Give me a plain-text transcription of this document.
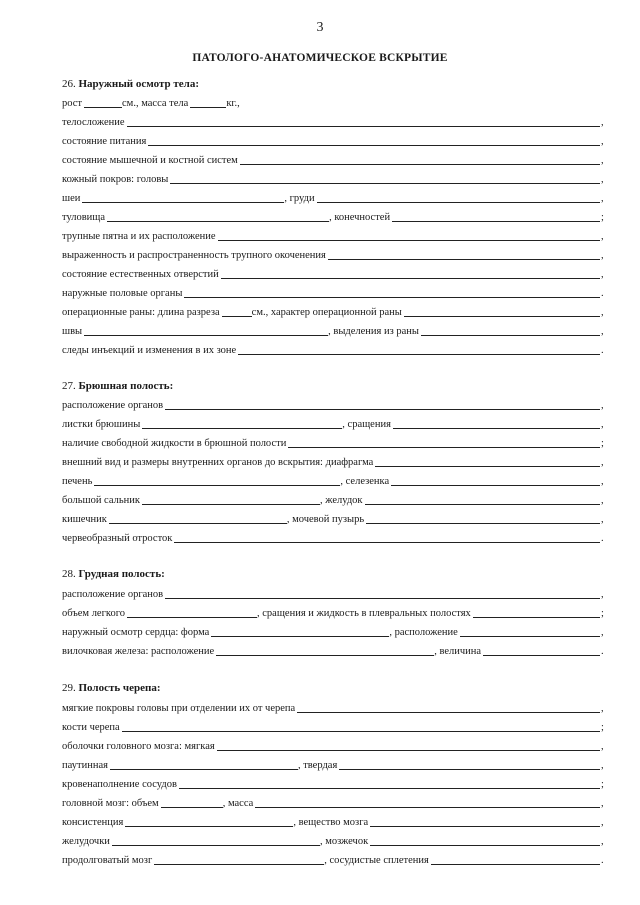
3
ПАТОЛОГО-АНАТОМИЧЕСКОЕ ВСКРЫТИЕ
26. Наружный осмотр тела:
рост	см., масса тела	кг.,
телосложение	,
состояние питания	,
состояние мышечной и костной систем	,
кожный покров: головы	,
шеи	, груди	,
туловища	, конечностей	;
трупные пятна и их расположение	,
выраженность и распространенность трупного окоченения	,
состояние естественных отверстий	,
наружные половые органы	.
операционные раны: длина разреза	см., характер операционной раны	,
швы	, выделения из раны	,
следы инъекций и изменения в их зоне	.
27. Брюшная полость:
расположение органов	,
листки брюшины	, сращения	,
наличие свободной жидкости в брюшной полости	;
внешний вид и размеры внутренних органов до вскрытия: диафрагма	,
печень	, селезенка	,
большой сальник	, желудок	,
кишечник	, мочевой пузырь	,
червеобразный отросток	.
28. Грудная полость:
расположение органов	,
объем легкого	, сращения и жидкость в плевральных полостях	;
наружный осмотр сердца: форма	, расположение	,
вилочковая железа: расположение	, величина	.
29. Полость черепа:
мягкие покровы головы при отделении их от черепа	,
кости черепа	;
оболочки головного мозга: мягкая	,
паутинная	, твердая	,
кровенаполнение сосудов	;
головной мозг: объем	, масса	,
консистенция	, вещество мозга	,
желудочки	, мозжечок	,
продолговатый мозг	, сосудистые сплетения	.
